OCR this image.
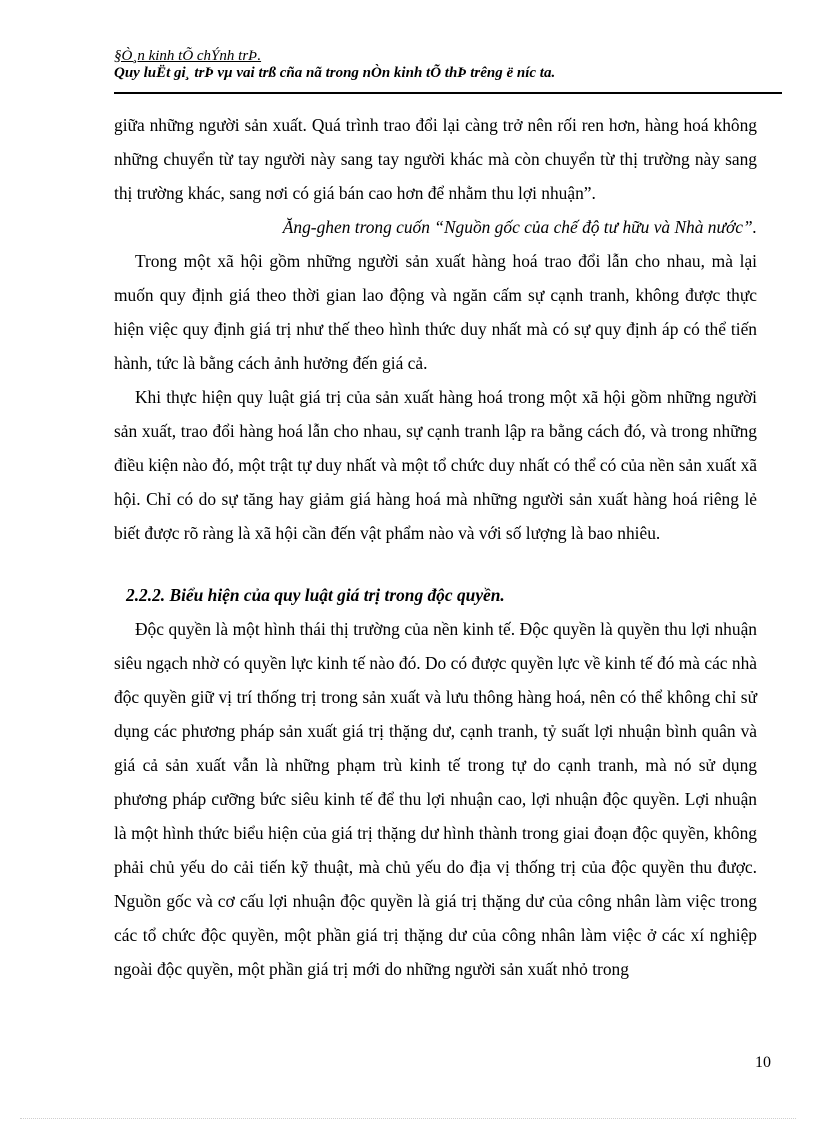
§Ò¸n kinh tÕ chÝnh trÞ.
Quy luËt gi¸ trÞ vµ vai trß cña nã trong nÒn kinh tÕ thÞ trêng ë níc ta.

giữa những người sản xuất. Quá trình trao đổi lại càng trở nên rối ren hơn, hàng hoá không những chuyển từ tay người này sang tay người khác mà còn chuyển từ thị trường này sang thị trường khác, sang nơi có giá bán cao hơn để nhằm thu lợi nhuận”.

Ăng-ghen trong cuốn “Nguồn gốc của chế độ tư hữu và Nhà nước”.

Trong một xã hội gồm những người sản xuất hàng hoá trao đổi lẫn cho nhau, mà lại muốn quy định giá theo thời gian lao động và ngăn cấm sự cạnh tranh, không được thực hiện việc quy định giá trị như thế theo hình thức duy nhất mà có sự quy định áp có thể tiến hành, tức là bằng cách ảnh hưởng đến giá cả.

Khi thực hiện quy luật giá trị của sản xuất hàng hoá trong một xã hội gồm những người sản xuất, trao đổi hàng hoá lẫn cho nhau, sự cạnh tranh lập ra bằng cách đó, và trong những điều kiện nào đó, một trật tự duy nhất và một tổ chức duy nhất có thể có của nền sản xuất xã hội. Chỉ có do sự tăng hay giảm giá hàng hoá mà những người sản xuất hàng hoá riêng lẻ biết được rõ ràng là xã hội cần đến vật phẩm nào và với số lượng là bao nhiêu.

2.2.2. Biểu hiện của quy luật giá trị trong độc quyền.

Độc quyền là một hình thái thị trường của nền kinh tế. Độc quyền là quyền thu lợi nhuận siêu ngạch nhờ có quyền lực kinh tế nào đó. Do có được quyền lực về kinh tế đó mà các nhà độc quyền giữ vị trí thống trị trong sản xuất và lưu thông hàng hoá, nên có thể không chỉ sử dụng các phương pháp sản xuất giá trị thặng dư, cạnh tranh, tỷ suất lợi nhuận bình quân và giá cả sản xuất vẫn là những phạm trù kinh tế trong tự do cạnh tranh, mà nó sử dụng phương pháp cưỡng bức siêu kinh tế để thu lợi nhuận cao, lợi nhuận độc quyền. Lợi nhuận là một hình thức biểu hiện của giá trị thặng dư hình thành trong giai đoạn độc quyền, không phải chủ yếu do cải tiến kỹ thuật, mà chủ yếu do địa vị thống trị của độc quyền thu được. Nguồn gốc và cơ cấu lợi nhuận độc quyền là giá trị thặng dư của công nhân làm việc trong các tổ chức độc quyền, một phần giá trị thặng dư của công nhân làm việc ở các xí nghiệp ngoài độc quyền, một phần giá trị mới do những người sản xuất nhỏ trong

10
